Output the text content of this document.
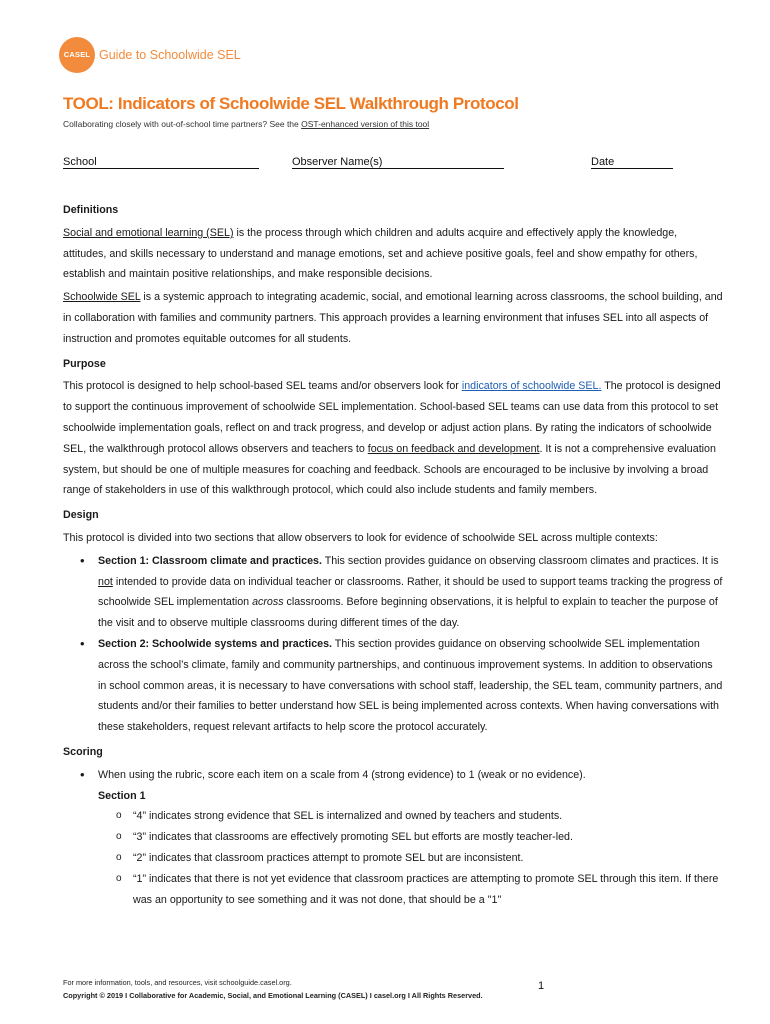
CASEL Guide to Schoolwide SEL
TOOL: Indicators of Schoolwide SEL Walkthrough Protocol
Collaborating closely with out-of-school time partners? See the OST-enhanced version of this tool
School	Observer Name(s)	Date

Definitions

Social and emotional learning (SEL) is the process through which children and adults acquire and effectively apply the knowledge, attitudes, and skills necessary to understand and manage emotions, set and achieve positive goals, feel and show empathy for others, establish and maintain positive relationships, and make responsible decisions.

Schoolwide SEL is a systemic approach to integrating academic, social, and emotional learning across classrooms, the school building, and in collaboration with families and community partners. This approach provides a learning environment that infuses SEL into all aspects of instruction and promotes equitable outcomes for all students.

Purpose

This protocol is designed to help school-based SEL teams and/or observers look for indicators of schoolwide SEL. The protocol is designed to support the continuous improvement of schoolwide SEL implementation. School-based SEL teams can use data from this protocol to set schoolwide implementation goals, reflect on and track progress, and develop or adjust action plans. By rating the indicators of schoolwide SEL, the walkthrough protocol allows observers and teachers to focus on feedback and development. It is not a comprehensive evaluation system, but should be one of multiple measures for coaching and feedback. Schools are encouraged to be inclusive by involving a broad range of stakeholders in use of this walkthrough protocol, which could also include students and family members.

Design

This protocol is divided into two sections that allow observers to look for evidence of schoolwide SEL across multiple contexts:

• Section 1: Classroom climate and practices. This section provides guidance on observing classroom climates and practices. It is not intended to provide data on individual teacher or classrooms. Rather, it should be used to support teams tracking the progress of schoolwide SEL implementation across classrooms. Before beginning observations, it is helpful to explain to teacher the purpose of the visit and to observe multiple classrooms during different times of the day.

• Section 2: Schoolwide systems and practices. This section provides guidance on observing schoolwide SEL implementation across the school’s climate, family and community partnerships, and continuous improvement systems. In addition to observations in school common areas, it is necessary to have conversations with school staff, leadership, the SEL team, community partners, and students and/or their families to better understand how SEL is being implemented across contexts. When having conversations with these stakeholders, request relevant artifacts to help score the protocol accurately.

Scoring

• When using the rubric, score each item on a scale from 4 (strong evidence) to 1 (weak or no evidence).

Section 1

o “4” indicates strong evidence that SEL is internalized and owned by teachers and students.

o “3” indicates that classrooms are effectively promoting SEL but efforts are mostly teacher-led.

o “2” indicates that classroom practices attempt to promote SEL but are inconsistent.

o “1” indicates that there is not yet evidence that classroom practices are attempting to promote SEL through this item. If there was an opportunity to see something and it was not done, that should be a "1"

For more information, tools, and resources, visit schoolguide.casel.org.
Copyright © 2019 I Collaborative for Academic, Social, and Emotional Learning (CASEL) I casel.org I All Rights Reserved.
1
